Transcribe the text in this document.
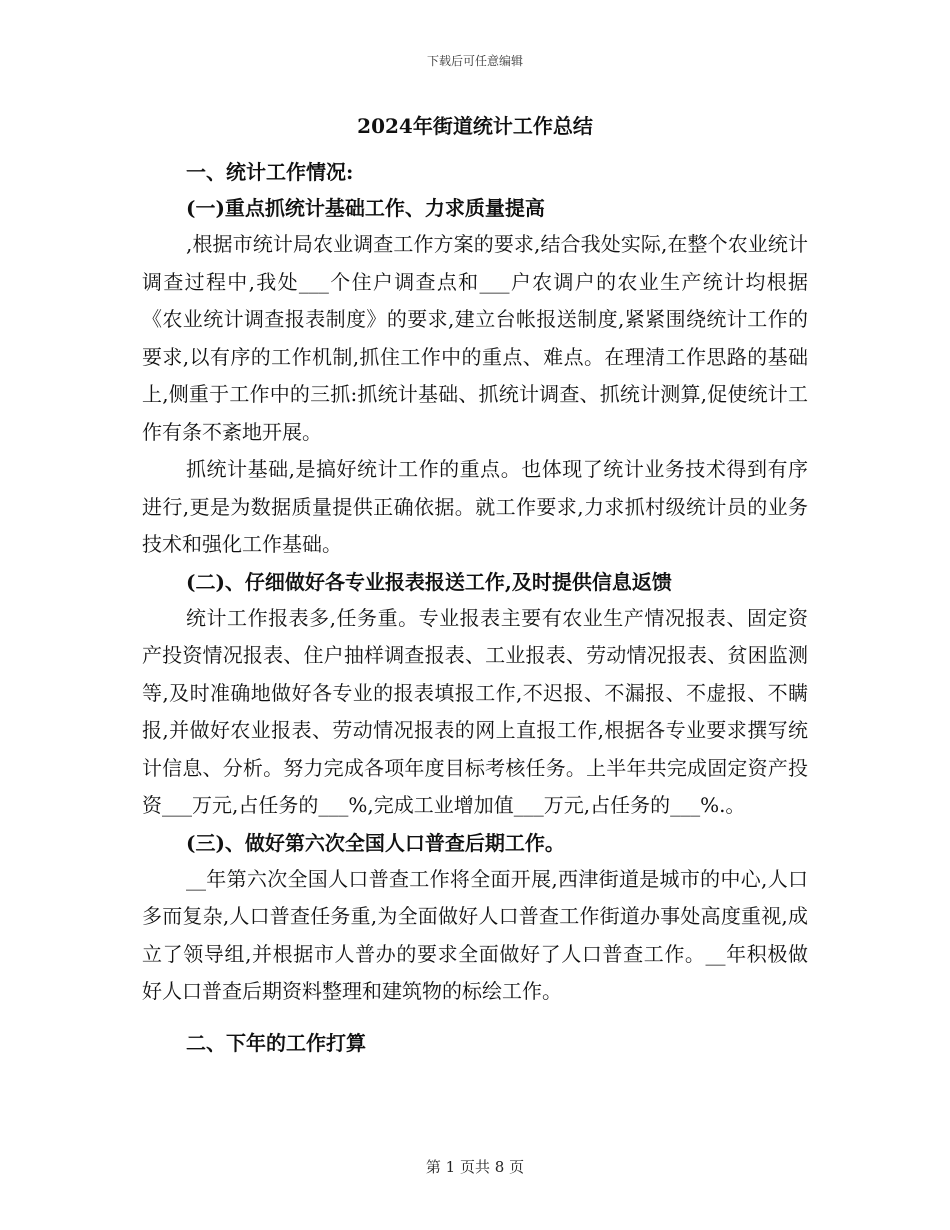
下载后可任意编辑
2024年街道统计工作总结

一、统计工作情况:

(一)重点抓统计基础工作、力求质量提高

,根据市统计局农业调查工作方案的要求,结合我处实际,在整个农业统计调查过程中,我处___个住户调查点和___户农调户的农业生产统计均根据《农业统计调查报表制度》的要求,建立台帐报送制度,紧紧围绕统计工作的要求,以有序的工作机制,抓住工作中的重点、难点。在理清工作思路的基础上,侧重于工作中的三抓:抓统计基础、抓统计调查、抓统计测算,促使统计工作有条不紊地开展。

抓统计基础,是搞好统计工作的重点。也体现了统计业务技术得到有序进行,更是为数据质量提供正确依据。就工作要求,力求抓村级统计员的业务技术和强化工作基础。

(二)、仔细做好各专业报表报送工作,及时提供信息返馈

统计工作报表多,任务重。专业报表主要有农业生产情况报表、固定资产投资情况报表、住户抽样调查报表、工业报表、劳动情况报表、贫困监测等,及时准确地做好各专业的报表填报工作,不迟报、不漏报、不虚报、不瞒报,并做好农业报表、劳动情况报表的网上直报工作,根据各专业要求撰写统计信息、分析。努力完成各项年度目标考核任务。上半年共完成固定资产投资___万元,占任务的___%,完成工业增加值___万元,占任务的___%.。

(三)、做好第六次全国人口普查后期工作。

__年第六次全国人口普查工作将全面开展,西津街道是城市的中心,人口多而复杂,人口普查任务重,为全面做好人口普查工作街道办事处高度重视,成立了领导组,并根据市人普办的要求全面做好了人口普查工作。__年积极做好人口普查后期资料整理和建筑物的标绘工作。

二、下年的工作打算

第 1 页共 8 页
